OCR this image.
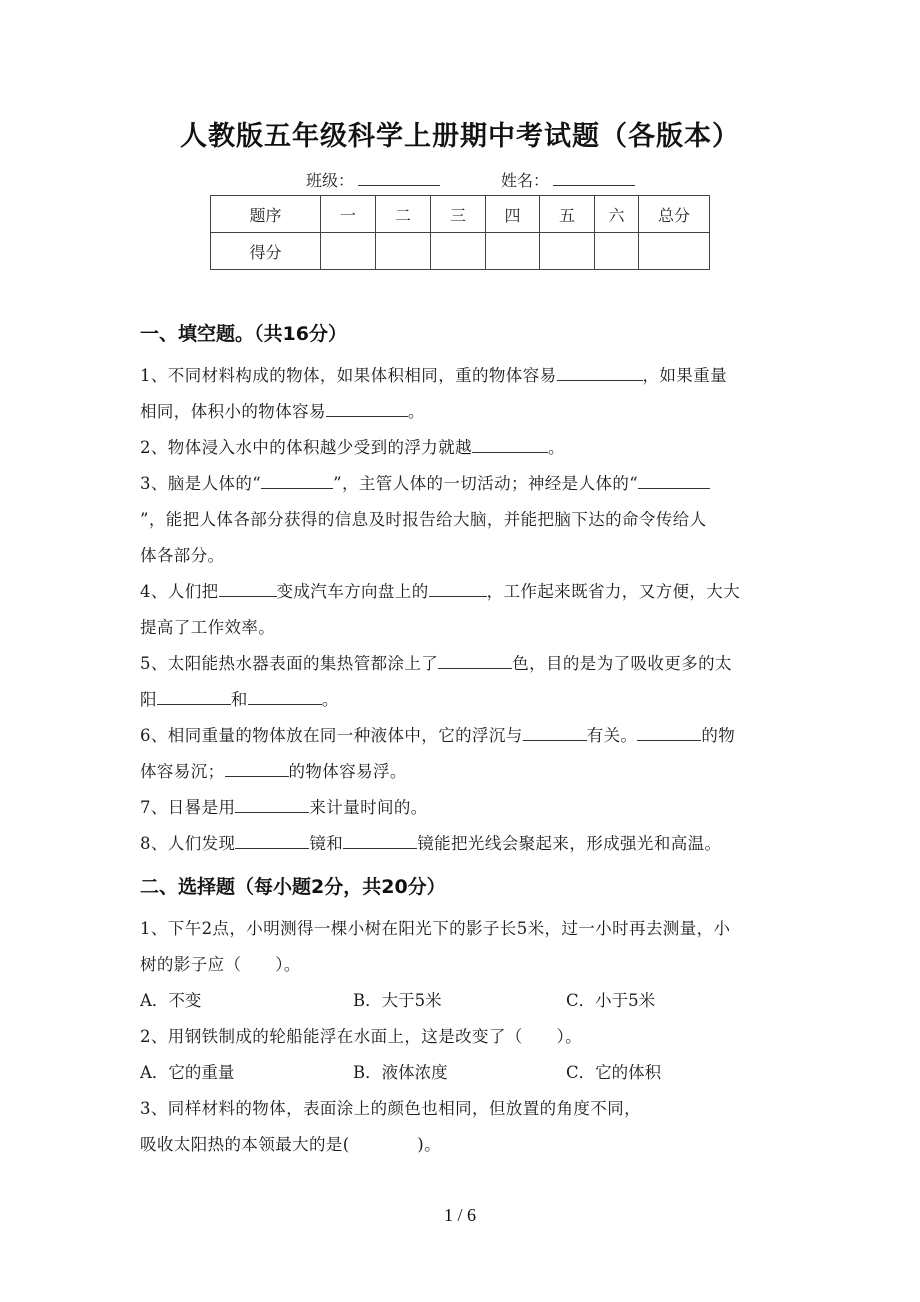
人教版五年级科学上册期中考试题（各版本）
班级：	姓名：
题序	一	二	三	四	五	六	总分
得分							
一、填空题。（共16分）
1、不同材料构成的物体，如果体积相同，重的物体容易	，如果重量
相同，体积小的物体容易	。
2、物体浸入水中的体积越少受到的浮力就越	。
3、脑是人体的“	”，主管人体的一切活动；神经是人体的“
”，能把人体各部分获得的信息及时报告给大脑，并能把脑下达的命令传给人
体各部分。
4、人们把	变成汽车方向盘上的	，工作起来既省力，又方便，大大
提高了工作效率。
5、太阳能热水器表面的集热管都涂上了	色，目的是为了吸收更多的太
阳	和	。
6、相同重量的物体放在同一种液体中，它的浮沉与	有关。	的物
体容易沉；	的物体容易浮。
7、日晷是用	来计量时间的。
8、人们发现	镜和	镜能把光线会聚起来，形成强光和高温。
二、选择题（每小题2分，共20分）
1、下午2点，小明测得一棵小树在阳光下的影子长5米，过一小时再去测量，小
树的影子应（　　）。
A．不变	B．大于5米	C．小于5米
2、用钢铁制成的轮船能浮在水面上，这是改变了（　　）。
A．它的重量	B．液体浓度	C．它的体积
3、同样材料的物体，表面涂上的颜色也相同，但放置的角度不同，
吸收太阳热的本领最大的是(　　　　)。
1 / 6
